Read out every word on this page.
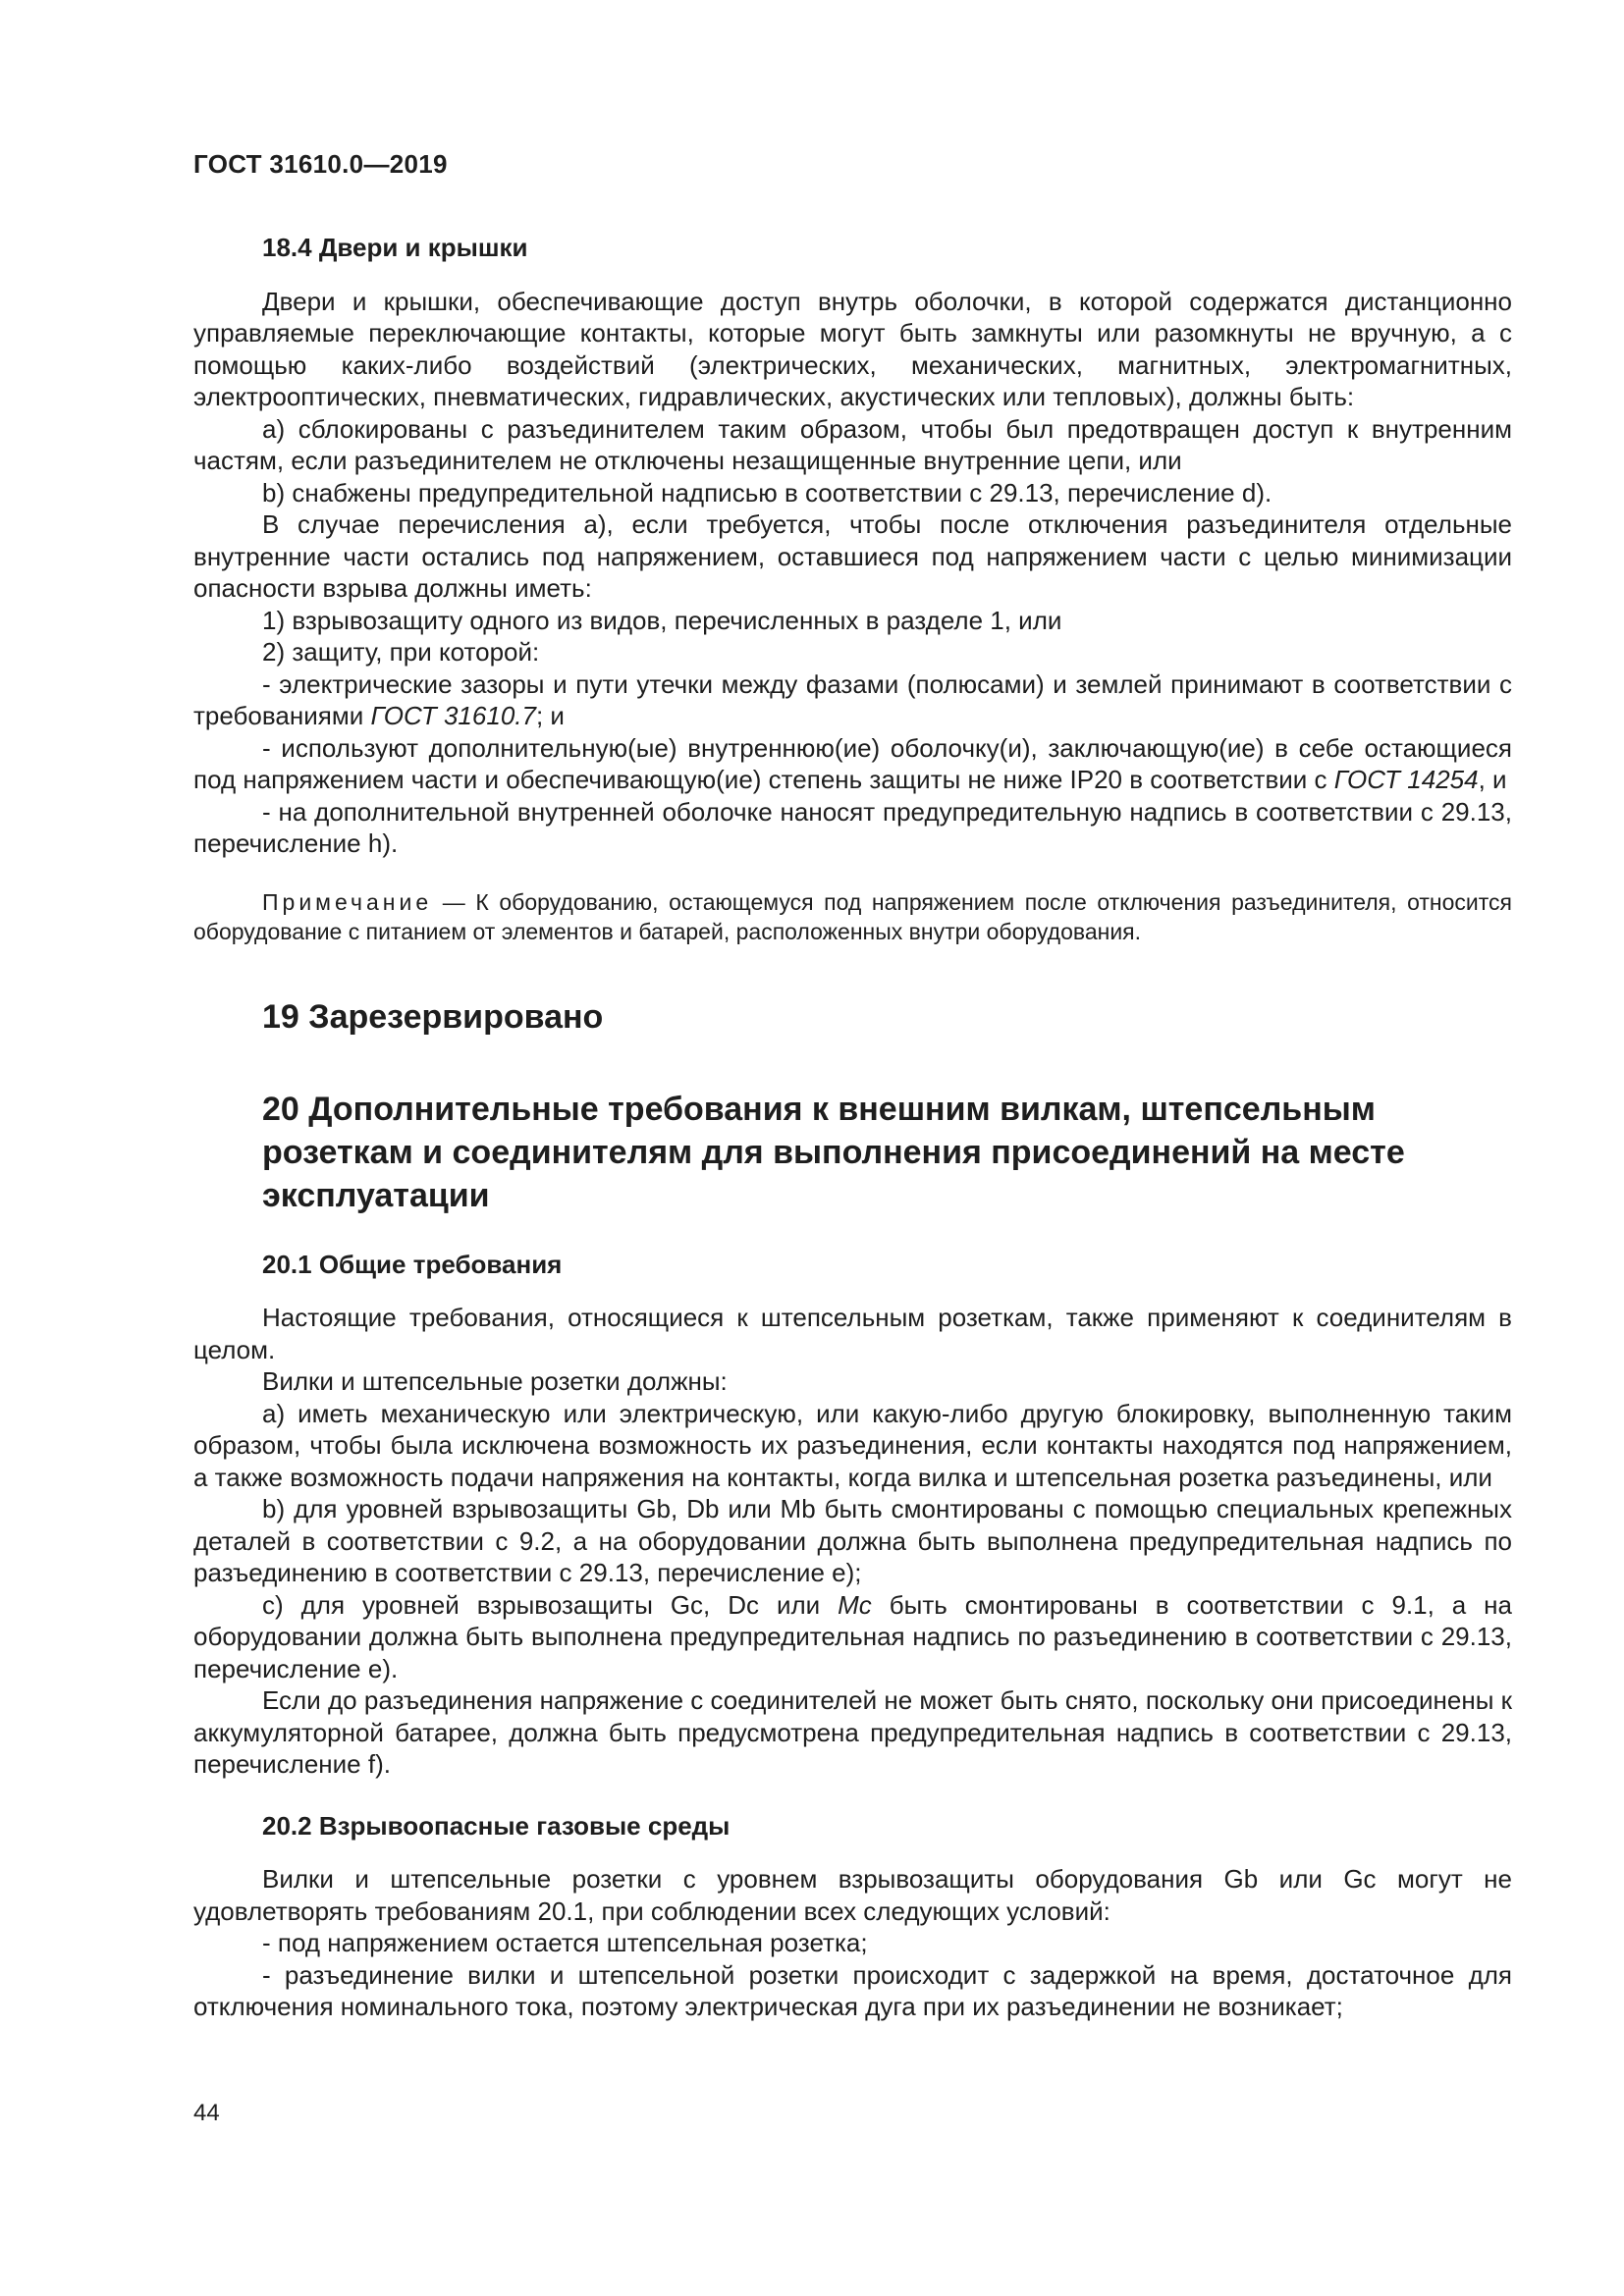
ГОСТ 31610.0—2019
18.4 Двери и крышки

Двери и крышки, обеспечивающие доступ внутрь оболочки, в которой содержатся дистанционно управляемые переключающие контакты, которые могут быть замкнуты или разомкнуты не вручную, а с помощью каких-либо воздействий (электрических, механических, магнитных, электромагнитных, электрооптических, пневматических, гидравлических, акустических или тепловых), должны быть:

a) сблокированы с разъединителем таким образом, чтобы был предотвращен доступ к внутренним частям, если разъединителем не отключены незащищенные внутренние цепи, или

b) снабжены предупредительной надписью в соответствии с 29.13, перечисление d).

В случае перечисления а), если требуется, чтобы после отключения разъединителя отдельные внутренние части остались под напряжением, оставшиеся под напряжением части с целью минимизации опасности взрыва должны иметь:

1) взрывозащиту одного из видов, перечисленных в разделе 1, или

2) защиту, при которой:

- электрические зазоры и пути утечки между фазами (полюсами) и землей принимают в соответствии с требованиями ГОСТ 31610.7; и

- используют дополнительную(ые) внутреннюю(ие) оболочку(и), заключающую(ие) в себе остающиеся под напряжением части и обеспечивающую(ие) степень защиты не ниже IP20 в соответствии с ГОСТ 14254, и

- на дополнительной внутренней оболочке наносят предупредительную надпись в соответствии с 29.13, перечисление h).

Примечание — К оборудованию, остающемуся под напряжением после отключения разъединителя, относится оборудование с питанием от элементов и батарей, расположенных внутри оборудования.

19 Зарезервировано
20 Дополнительные требования к внешним вилкам, штепсельным розеткам и соединителям для выполнения присоединений на месте эксплуатации
20.1 Общие требования

Настоящие требования, относящиеся к штепсельным розеткам, также применяют к соединителям в целом.

Вилки и штепсельные розетки должны:

a) иметь механическую или электрическую, или какую-либо другую блокировку, выполненную таким образом, чтобы была исключена возможность их разъединения, если контакты находятся под напряжением, а также возможность подачи напряжения на контакты, когда вилка и штепсельная розетка разъединены, или

b) для уровней взрывозащиты Gb, Db или Mb быть смонтированы с помощью специальных крепежных деталей в соответствии с 9.2, а на оборудовании должна быть выполнена предупредительная надпись по разъединению в соответствии с 29.13, перечисление е);

c) для уровней взрывозащиты Gc, Dc или Mc быть смонтированы в соответствии с 9.1, а на оборудовании должна быть выполнена предупредительная надпись по разъединению в соответствии с 29.13, перечисление е).

Если до разъединения напряжение с соединителей не может быть снято, поскольку они присоединены к аккумуляторной батарее, должна быть предусмотрена предупредительная надпись в соответствии с 29.13, перечисление f).

20.2 Взрывоопасные газовые среды

Вилки и штепсельные розетки с уровнем взрывозащиты оборудования Gb или Gc могут не удовлетворять требованиям 20.1, при соблюдении всех следующих условий:

- под напряжением остается штепсельная розетка;

- разъединение вилки и штепсельной розетки происходит с задержкой на время, достаточное для отключения номинального тока, поэтому электрическая дуга при их разъединении не возникает;

44
